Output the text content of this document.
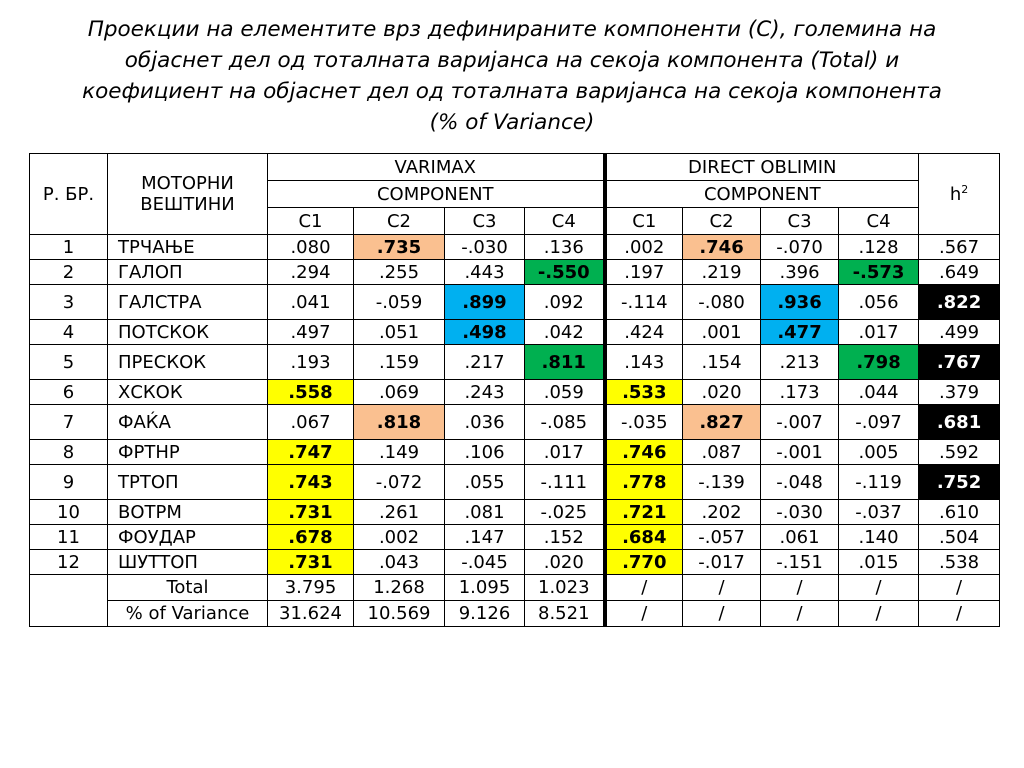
Проекции на елементите врз дефинираните компоненти (C), големина на
објаснет дел од тоталната варијанса на секоја компонента (Total) и
коефициент на објаснет дел од тоталната варијанса на секоја компонента
(% of Variance)
Р. БР.	МОТОРНИ
ВЕШТИНИ	VARIMAX				DIRECT OBLIMIN				$h^2$
		COMPONENT				COMPONENT				
		C1	C2	C3	C4	C1	C2	C3	C4	
1	ТРЧАЊЕ	.080	.735	-.030	.136	.002	.746	-.070	.128	.567
2	ГАЛОП	.294	.255	.443	-.550	.197	.219	.396	-.573	.649
3	ГАЛСТРА	.041	-.059	.899	.092	-.114	-.080	.936	.056	.822
4	ПОТСКОК	.497	.051	.498	.042	.424	.001	.477	.017	.499
5	ПРЕСКОК	.193	.159	.217	.811	.143	.154	.213	.798	.767
6	ХСКОК	.558	.069	.243	.059	.533	.020	.173	.044	.379
7	ФАЌА	.067	.818	.036	-.085	-.035	.827	-.007	-.097	.681
8	ФРТНР	.747	.149	.106	.017	.746	.087	-.001	.005	.592
9	ТРТОП	.743	-.072	.055	-.111	.778	-.139	-.048	-.119	.752
10	ВОТРМ	.731	.261	.081	-.025	.721	.202	-.030	-.037	.610
11	ФОУДАР	.678	.002	.147	.152	.684	-.057	.061	.140	.504
12	ШУТТОП	.731	.043	-.045	.020	.770	-.017	-.151	.015	.538
	Total	3.795	1.268	1.095	1.023	/	/	/	/	/
	% of Variance	31.624	10.569	9.126	8.521	/	/	/	/	/
